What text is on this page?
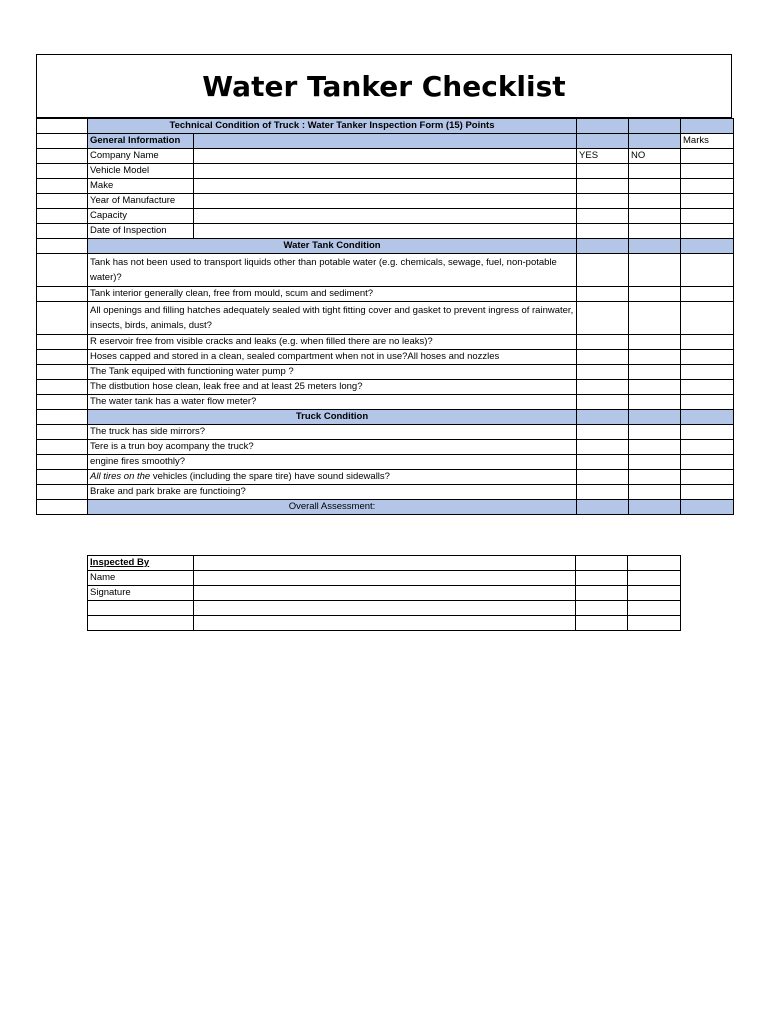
Water Tanker Checklist
	Technical Condition of Truck : Water Tanker Inspection Form (15) Points				
	General Information				Marks
	Company Name		YES	NO	
	Vehicle Model				
	Make				
	Year of Manufacture				
	Capacity				
	Date of Inspection				
	Water Tank Condition				
	Tank has not been used to transport liquids other than potable water (e.g. chemicals, sewage, fuel, non-potable water)?				
	Tank interior generally clean, free from mould, scum and sediment?				
	All openings and filling hatches adequately sealed with tight fitting cover and gasket to prevent ingress of rainwater, insects, birds, animals, dust?				
	R eservoir free from visible cracks and leaks (e.g. when filled there are no leaks)?				
	Hoses capped and stored in a clean, sealed compartment when not in use?All hoses and nozzles				
	The Tank equiped with functioning water pump ?				
	The distbution hose clean, leak free and at least 25 meters long?				
	The water tank has a water flow meter?				
	Truck Condition				
	The truck has side mirrors?				
	Tere is a trun boy acompany the truck?				
	engine fires smoothly?				
	All tires on the vehicles (including the spare tire) have sound sidewalls?				
	Brake and park brake are functioing?				
	Overall Assessment:				
Inspected By			
Name			
Signature			
